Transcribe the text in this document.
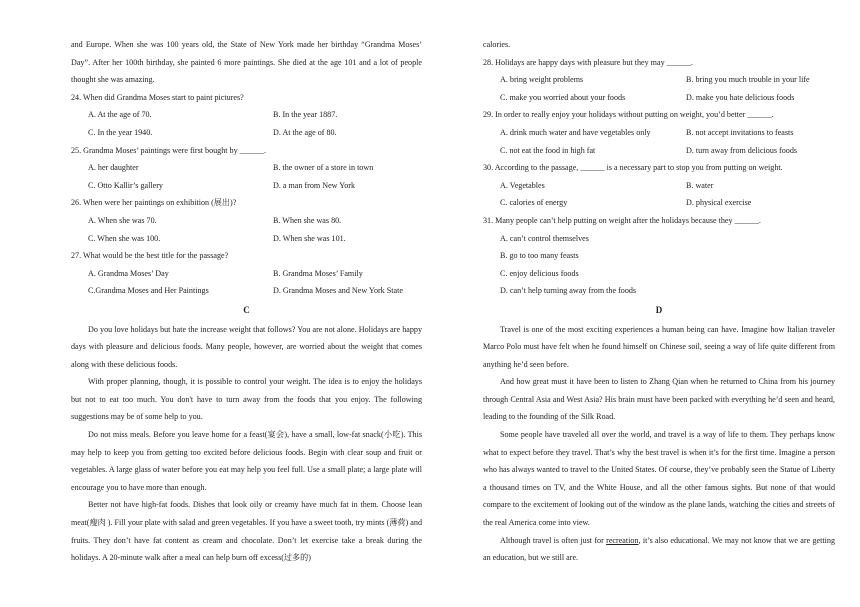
and Europe. When she was 100 years old, the State of New York made her birthday “Grandma Moses’ Day”. After her 100th birthday, she painted 6 more paintings. She died at the age 101 and a lot of people thought she was amazing.

24. When did Grandma Moses start to paint pictures?

A. At the age of 70.	B. In the year 1887.
C. In the year 1940.	D. At the age of 80.

25. Grandma Moses’ paintings were first bought by ______.

A. her daughter	B. the owner of a store in town
C. Otto Kallir’s gallery	D. a man from New York

26. When were her paintings on exhibition (展出)?

A. When she was 70.	B. When she was 80.
C. When she was 100.	D. When she was 101.

27. What would be the best title for the passage?

A. Grandma Moses’ Day	B. Grandma Moses’ Family
C.Grandma Moses and Her Paintings	D. Grandma Moses and New York State

C

Do you love holidays but hate the increase weight that follows? You are not alone. Holidays are happy days with pleasure and delicious foods. Many people, however, are worried about the weight that comes along with these delicious foods.

With proper planning, though, it is possible to control your weight. The idea is to enjoy the holidays but not to eat too much. You don't have to turn away from the foods that you enjoy. The following suggestions may be of some help to you.

Do not miss meals. Before you leave home for a feast(宴会), have a small, low-fat snack(小吃). This may help to keep you from getting too excited before delicious foods. Begin with clear soup and fruit or vegetables. A large glass of water before you eat may help you feel full. Use a small plate; a large plate will encourage you to have more than enough.

Better not have high-fat foods. Dishes that look oily or creamy have much fat in them. Choose lean meat(瘦肉 ). Fill your plate with salad and green vegetables. If you have a sweet tooth, try mints (薄荷) and fruits. They don’t have fat content as cream and chocolate. Don’t let exercise take a break during the holidays. A 20-minute walk after a meal can help burn off excess(过多的)

calories.

28. Holidays are happy days with pleasure but they may ______.

A. bring weight problems	B. bring you much trouble in your life
C. make you worried about your foods	D. make you hate delicious foods

29. In order to really enjoy your holidays without putting on weight, you’d better ______.

A. drink much water and have vegetables only	B. not accept invitations to feasts
C. not eat the food in high fat	D. turn away from delicious foods

30. According to the passage, ______ is a necessary part to stop you from putting on weight.

A. Vegetables	B. water
C. calories of energy	D. physical exercise

31. Many people can’t help putting on weight after the holidays because they ______.

A. can’t control themselves

B. go to too many feasts

C. enjoy delicious foods

D. can’t help turning away from the foods

D

Travel is one of the most exciting experiences a human being can have. Imagine how Italian traveler Marco Polo must have felt when he found himself on Chinese soil, seeing a way of life quite different from anything he’d seen before.

And how great must it have been to listen to Zhang Qian when he returned to China from his journey through Central Asia and West Asia? His brain must have been packed with everything he’d seen and heard, leading to the founding of the Silk Road.

Some people have traveled all over the world, and travel is a way of life to them. They perhaps know what to expect before they travel. That’s why the best travel is when it’s for the first time. Imagine a person who has always wanted to travel to the United States. Of course, they’ve probably seen the Statue of Liberty a thousand times on TV, and the White House, and all the other famous sights. But none of that would compare to the excitement of looking out of the window as the plane lands, watching the cities and streets of the real America come into view.

Although travel is often just for recreation, it’s also educational. We may not know that we are getting an education, but we still are.
